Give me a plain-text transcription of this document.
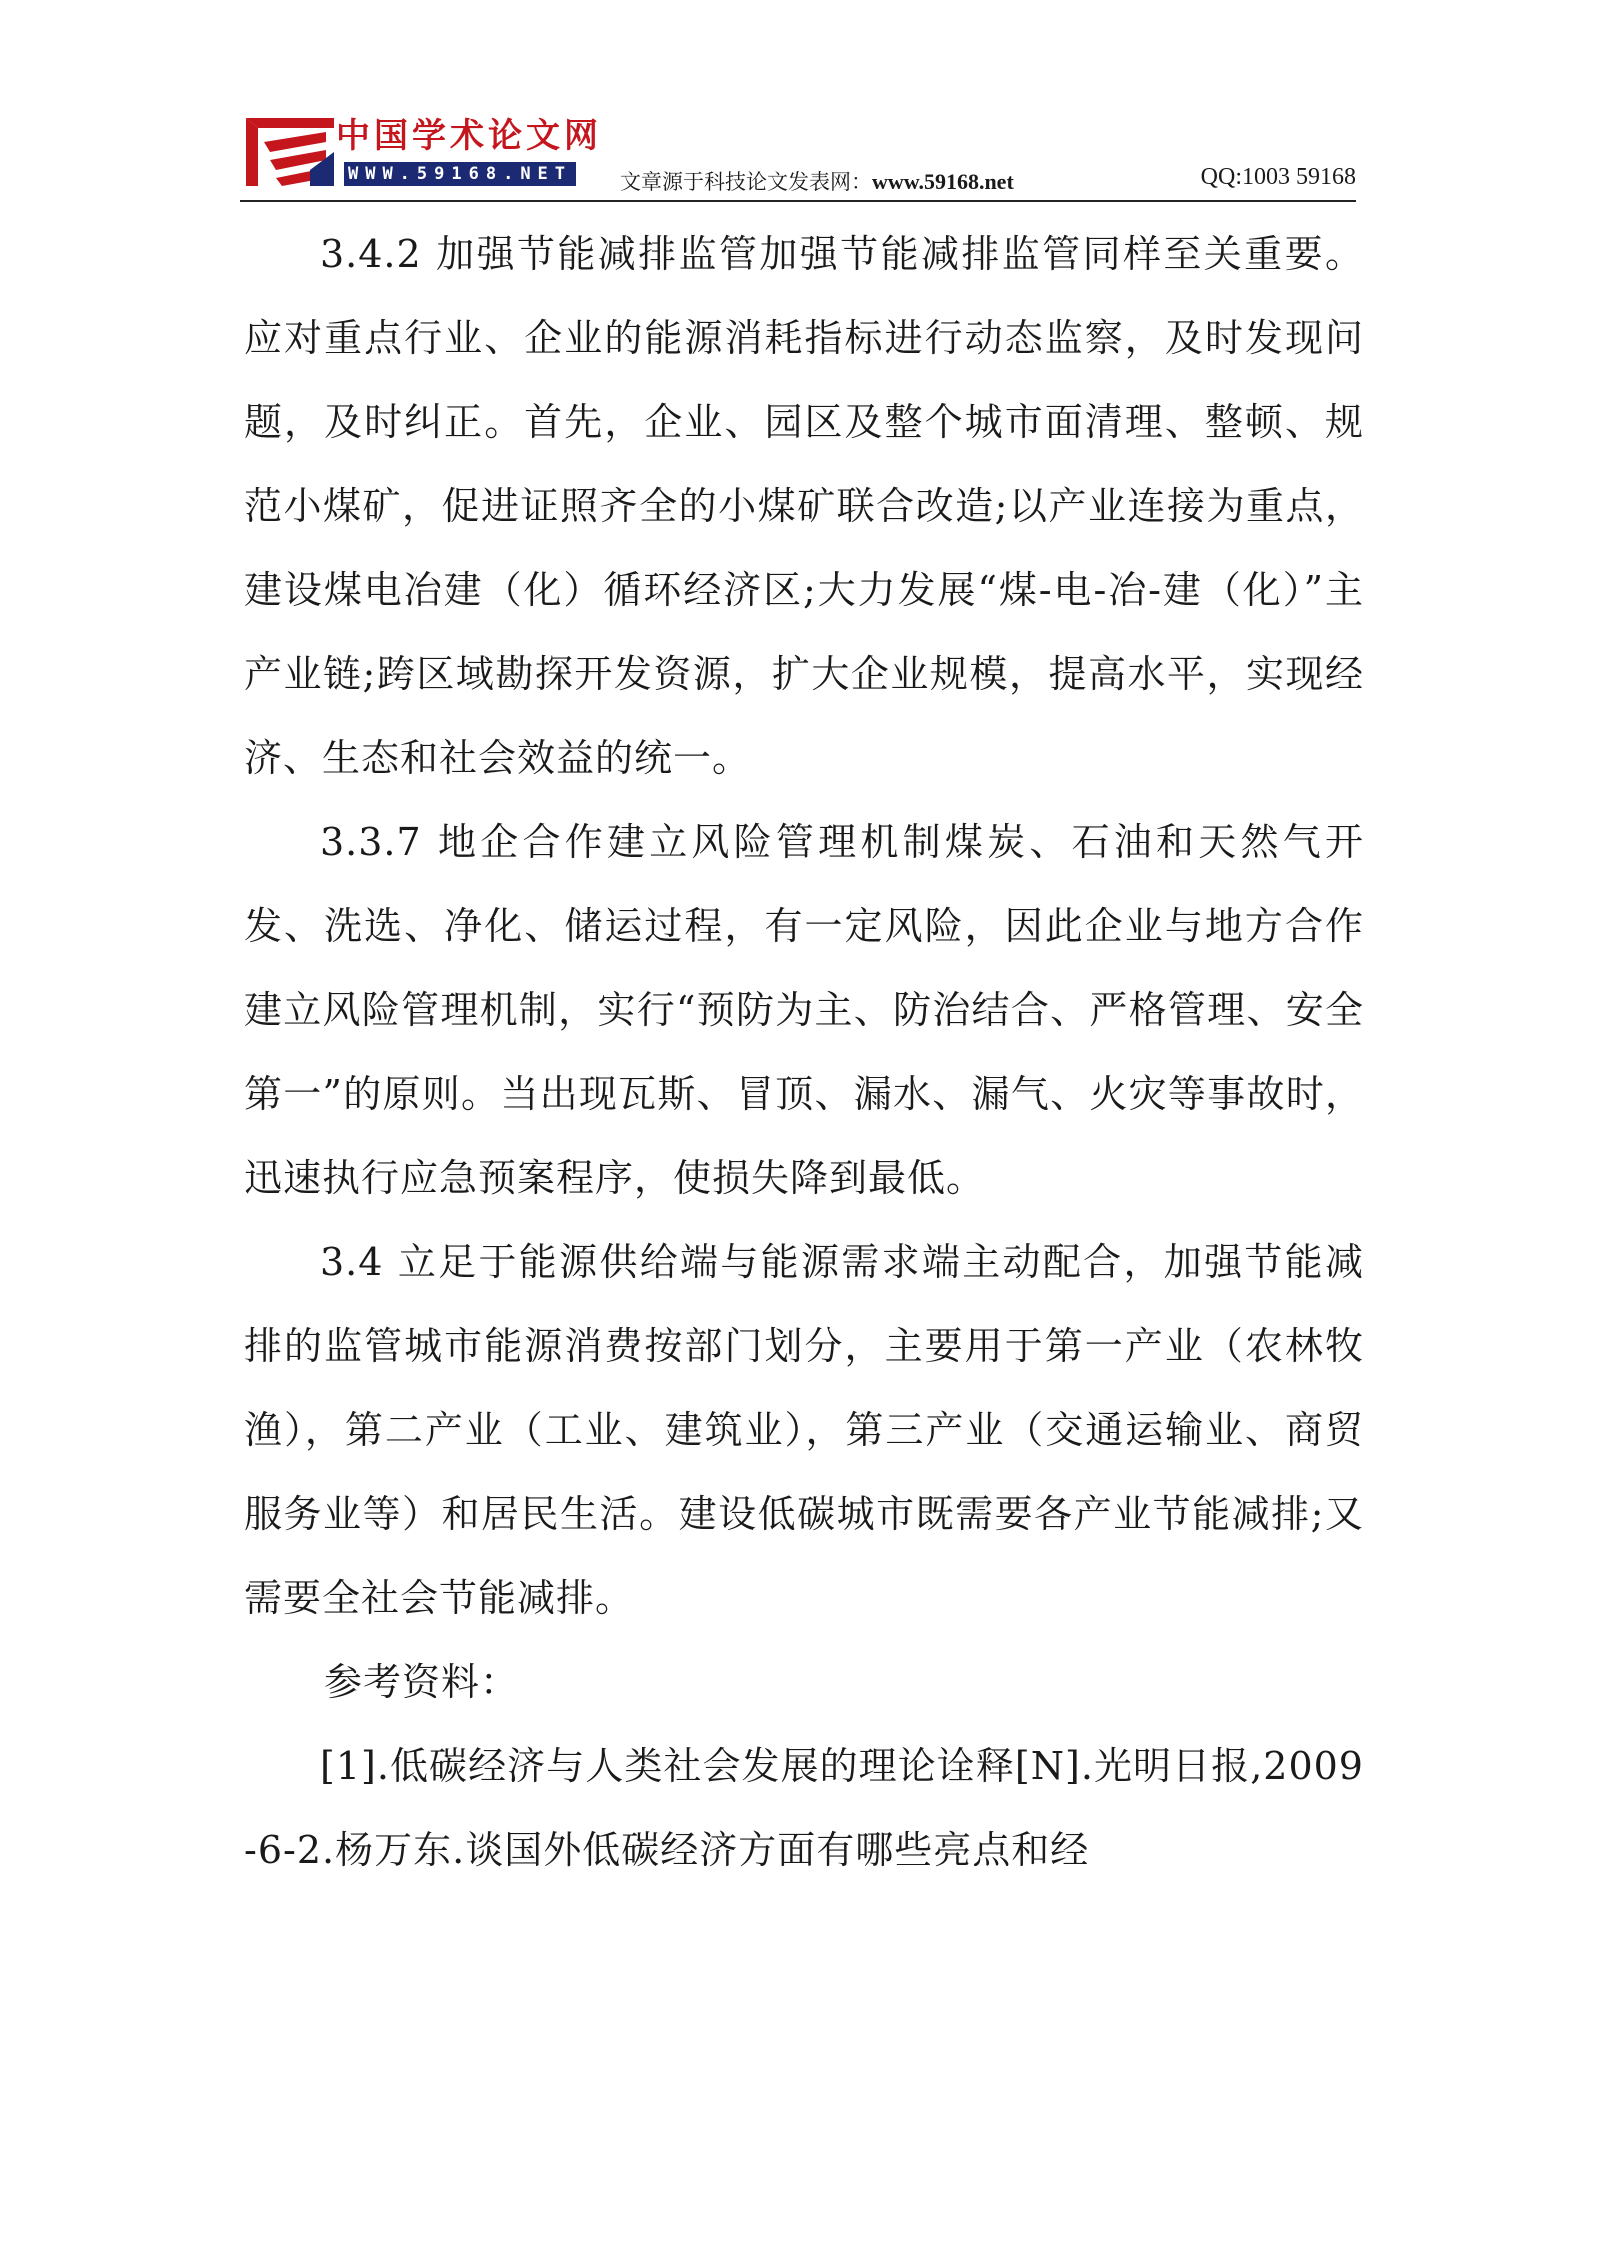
中国学术论文网
WWW.59168.NET 文章源于科技论文发表网：www.59168.net	QQ:1003 59168

3.4.2 加强节能减排监管加强节能减排监管同样至关重要。应对重点行业、企业的能源消耗指标进行动态监察，及时发现问题，及时纠正。首先，企业、园区及整个城市面清理、整顿、规范小煤矿，促进证照齐全的小煤矿联合改造;以产业连接为重点，建设煤电冶建（化）循环经济区;大力发展“煤-电-冶-建（化）”主产业链;跨区域勘探开发资源，扩大企业规模，提高水平，实现经济、生态和社会效益的统一。

3.3.7 地企合作建立风险管理机制煤炭、石油和天然气开发、洗选、净化、储运过程，有一定风险，因此企业与地方合作建立风险管理机制，实行“预防为主、防治结合、严格管理、安全第一”的原则。当出现瓦斯、冒顶、漏水、漏气、火灾等事故时，迅速执行应急预案程序，使损失降到最低。

3.4 立足于能源供给端与能源需求端主动配合，加强节能减排的监管城市能源消费按部门划分，主要用于第一产业（农林牧渔），第二产业（工业、建筑业），第三产业（交通运输业、商贸服务业等）和居民生活。建设低碳城市既需要各产业节能减排;又需要全社会节能减排。

参考资料：

[1].低碳经济与人类社会发展的理论诠释[N].光明日报,2009-6-2.杨万东.谈国外低碳经济方面有哪些亮点和经
